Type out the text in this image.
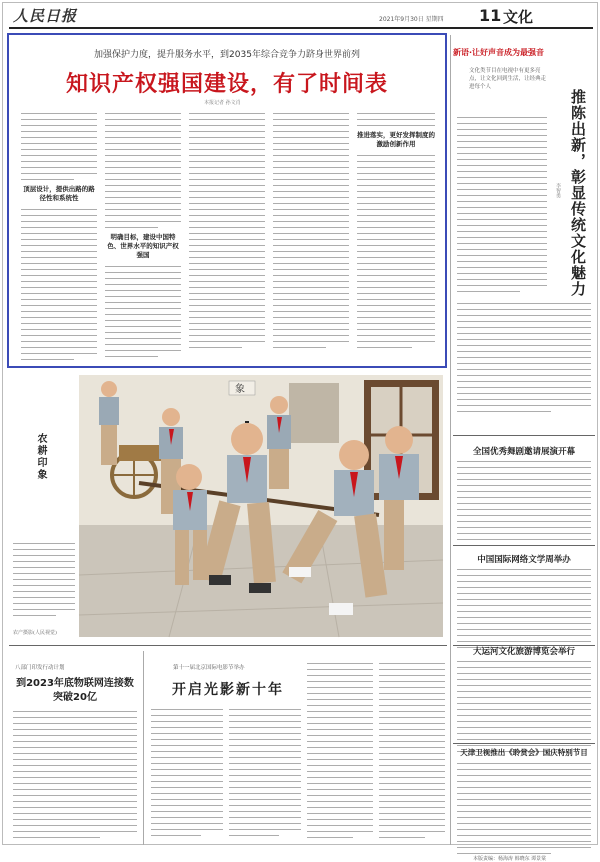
人民日报	2021年9月30日 星期四 11 文化
加强保护力度，提升服务水平，到2035年综合竞争力跻身世界前列
知识产权强国建设，有了时间表
本报记者 孙文肖
顶层设计，提供出路的路径性和系统性
明确目标，建设中国特色、世界水平的知识产权强国
推进落实，更好发挥制度的激励创新作用
新语·让好声音成为最强音
文化类节目在电视中有更多亮点，让文化回到生活，让经典走进每个人
推陈出新，彰显传统文化魅力
李智勇
全国优秀舞剧邀请展演开幕
中国国际网络文学周举办
大运河文化旅游博览会举行
天津卫视推出《聆赏会》国庆特别节目
本版责编：杨海涛 韩晓东 谭景棠
农耕印象
农产摄影(人民视觉)
象
八部门印发行动计划
到2023年底物联网连接数突破20亿
第十一届北京国际电影节举办
开启光影新十年
